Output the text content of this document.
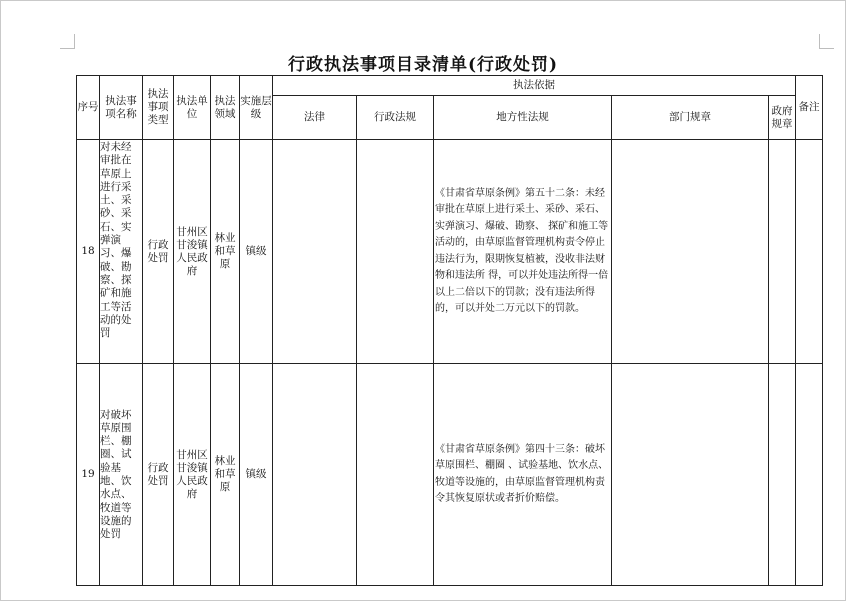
行政执法事项目录清单(行政处罚)
序号	执法事项名称	执法事项类型	执法单位	执法领域	实施层级	执法依据					备注
						法律	行政法规	地方性法规	部门规章	政府规章	
18	对未经审批在草原上进行采土、采砂、采石、实弹演习、爆破、勘察、探矿和施工等活动的处罚	行政处罚	甘州区甘浚镇人民政府	林业和草原	镇级			《甘肃省草原条例》第五十二条：未经审批在草原上进行采土、采砂、采石、实弹演习、爆破、勘察、 探矿和施工等活动的，由草原监督管理机构责令停止违法行为，限期恢复植被，没收非法财物和违法所 得，可以并处违法所得一倍以上二倍以下的罚款；没有违法所得的，可以并处二万元以下的罚款。			
19	对破坏草原围栏、棚圈、试验基地、饮水点、牧道等设施的处罚	行政处罚	甘州区甘浚镇人民政府	林业和草原	镇级			《甘肃省草原条例》第四十三条：破坏草原围栏、棚圈 、试验基地、饮水点、牧道等设施的，由草原监督管理机构责令其恢复原状或者折价赔偿。			
